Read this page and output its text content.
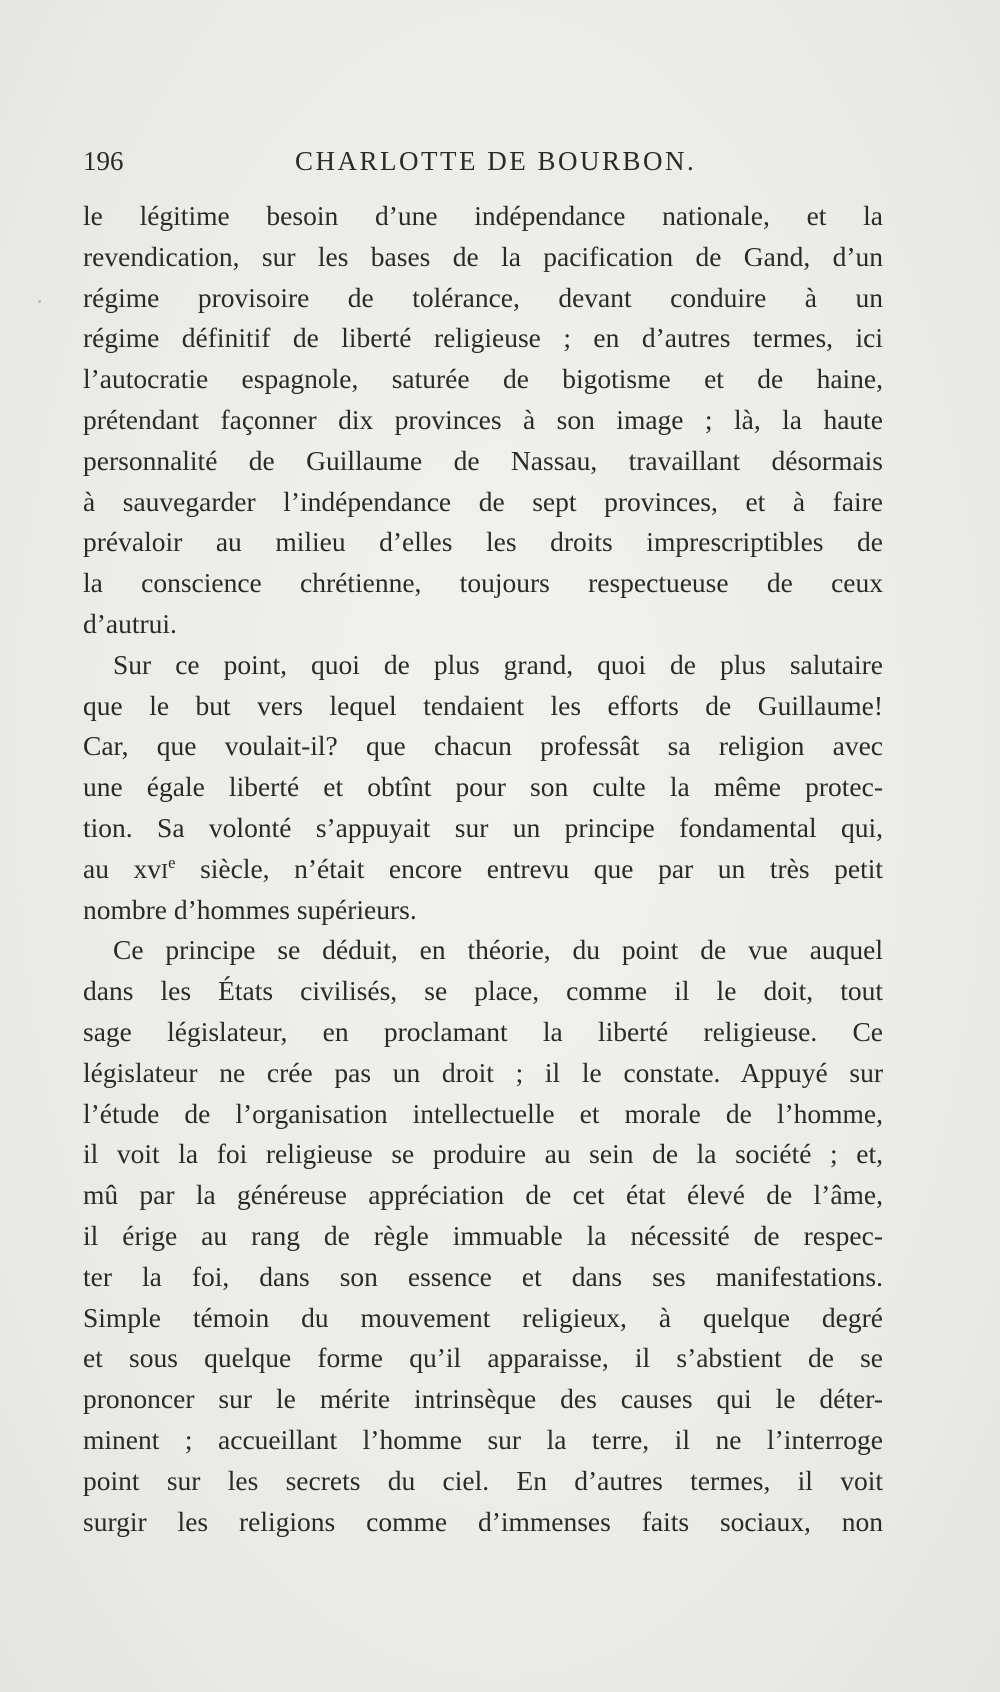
196	CHARLOTTE DE BOURBON.
le légitime besoin d’une indépendance nationale, et la
revendication, sur les bases de la pacification de Gand, d’un
régime provisoire de tolérance, devant conduire à un
régime définitif de liberté religieuse ; en d’autres termes, ici
l’autocratie espagnole, saturée de bigotisme et de haine,
prétendant façonner dix provinces à son image ; là, la haute
personnalité de Guillaume de Nassau, travaillant désormais
à sauvegarder l’indépendance de sept provinces, et à faire
prévaloir au milieu d’elles les droits imprescriptibles de
la conscience chrétienne, toujours respectueuse de ceux
d’autrui.
Sur ce point, quoi de plus grand, quoi de plus salutaire
que le but vers lequel tendaient les efforts de Guillaume!
Car, que voulait-il? que chacun professât sa religion avec
une égale liberté et obtînt pour son culte la même protec-
tion. Sa volonté s’appuyait sur un principe fondamental qui,
au xvI$^e$ siècle, n’était encore entrevu que par un très petit
nombre d’hommes supérieurs.
Ce principe se déduit, en théorie, du point de vue auquel
dans les États civilisés, se place, comme il le doit, tout
sage législateur, en proclamant la liberté religieuse. Ce
législateur ne crée pas un droit ; il le constate. Appuyé sur
l’étude de l’organisation intellectuelle et morale de l’homme,
il voit la foi religieuse se produire au sein de la société ; et,
mû par la généreuse appréciation de cet état élevé de l’âme,
il érige au rang de règle immuable la nécessité de respec-
ter la foi, dans son essence et dans ses manifestations.
Simple témoin du mouvement religieux, à quelque degré
et sous quelque forme qu’il apparaisse, il s’abstient de se
prononcer sur le mérite intrinsèque des causes qui le déter-
minent ; accueillant l’homme sur la terre, il ne l’interroge
point sur les secrets du ciel. En d’autres termes, il voit
surgir les religions comme d’immenses faits sociaux, non
